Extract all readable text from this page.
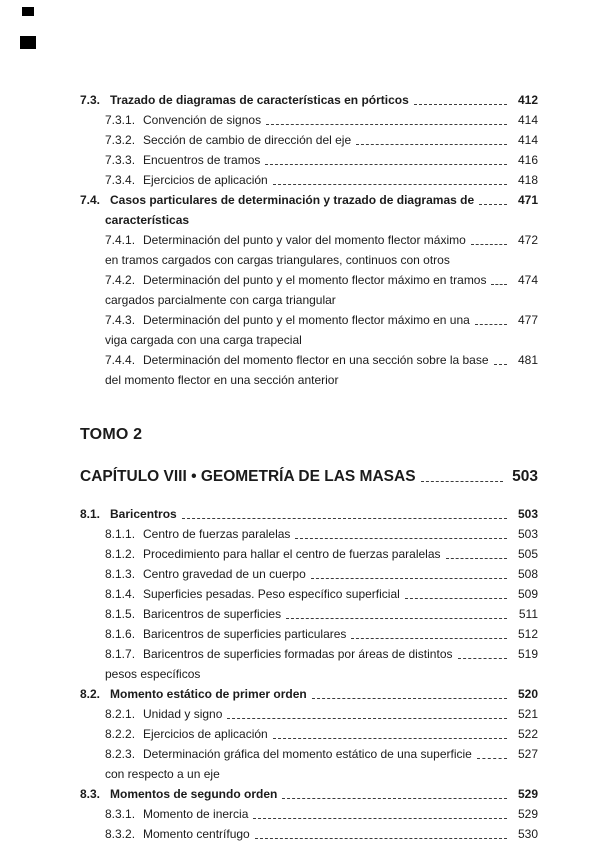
7.3. Trazado de diagramas de características en pórticos	412
7.3.1. Convención de signos	414
7.3.2. Sección de cambio de dirección del eje	414
7.3.3. Encuentros de tramos	416
7.3.4. Ejercicios de aplicación	418
7.4. Casos particulares de determinación y trazado de diagramas de	471
características
7.4.1. Determinación del punto y valor del momento flector máximo	472
en tramos cargados con cargas triangulares, continuos con otros
7.4.2. Determinación del punto y el momento flector máximo en tramos	474
cargados parcialmente con carga triangular
7.4.3. Determinación del punto y el momento flector máximo en una	477
viga cargada con una carga trapecial
7.4.4. Determinación del momento flector en una sección sobre la base	481
del momento flector en una sección anterior
TOMO 2
CAPÍTULO VIII • GEOMETRÍA DE LAS MASAS	503
8.1. Baricentros	503
8.1.1. Centro de fuerzas paralelas	503
8.1.2. Procedimiento para hallar el centro de fuerzas paralelas	505
8.1.3. Centro gravedad de un cuerpo	508
8.1.4. Superficies pesadas. Peso específico superficial	509
8.1.5. Baricentros de superficies	511
8.1.6. Baricentros de superficies particulares	512
8.1.7. Baricentros de superficies formadas por áreas de distintos	519
pesos específicos
8.2. Momento estático de primer orden	520
8.2.1. Unidad y signo	521
8.2.2. Ejercicios de aplicación	522
8.2.3. Determinación gráfica del momento estático de una superficie	527
con respecto a un eje
8.3. Momentos de segundo orden	529
8.3.1. Momento de inercia	529
8.3.2. Momento centrífugo	530
